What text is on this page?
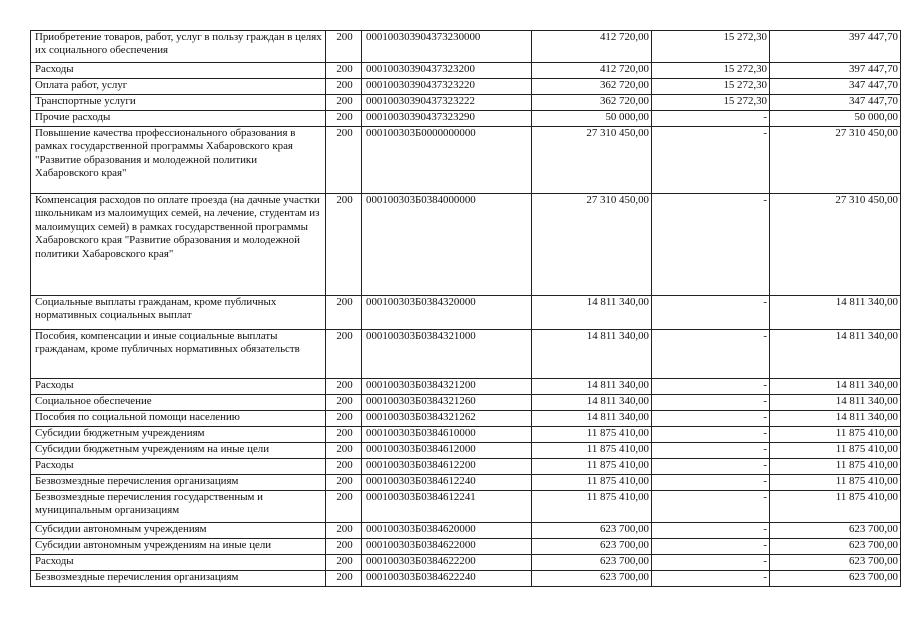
Приобретение товаров, работ, услуг в пользу граждан в целях их социального обеспечения	200	000100303904373230000	412 720,00	15 272,30	397 447,70
Расходы	200	00010030390437323200	412 720,00	15 272,30	397 447,70
Оплата работ, услуг	200	00010030390437323220	362 720,00	15 272,30	347 447,70
Транспортные услуги	200	00010030390437323222	362 720,00	15 272,30	347 447,70
Прочие расходы	200	00010030390437323290	50 000,00	-	50 000,00
Повышение качества профессионального образования в рамках государственной программы Хабаровского края "Развитие образования и молодежной политики Хабаровского края"	200	000100303Б0000000000	27 310 450,00	-	27 310 450,00
Компенсация расходов по оплате проезда (на дачные участки школьникам из малоимущих семей, на лечение, студентам из малоимущих семей) в рамках государственной программы Хабаровского края "Развитие образования и молодежной политики Хабаровского края"	200	000100303Б0384000000	27 310 450,00	-	27 310 450,00
Социальные выплаты гражданам, кроме публичных нормативных социальных выплат	200	000100303Б0384320000	14 811 340,00	-	14 811 340,00
Пособия, компенсации и иные социальные выплаты гражданам, кроме публичных нормативных обязательств	200	000100303Б0384321000	14 811 340,00	-	14 811 340,00
Расходы	200	000100303Б0384321200	14 811 340,00	-	14 811 340,00
Социальное обеспечение	200	000100303Б0384321260	14 811 340,00	-	14 811 340,00
Пособия по социальной помощи населению	200	000100303Б0384321262	14 811 340,00	-	14 811 340,00
Субсидии бюджетным учреждениям	200	000100303Б0384610000	11 875 410,00	-	11 875 410,00
Субсидии бюджетным учреждениям на иные цели	200	000100303Б0384612000	11 875 410,00	-	11 875 410,00
Расходы	200	000100303Б0384612200	11 875 410,00	-	11 875 410,00
Безвозмездные перечисления организациям	200	000100303Б0384612240	11 875 410,00	-	11 875 410,00
Безвозмездные перечисления государственным и муниципальным организациям	200	000100303Б0384612241	11 875 410,00	-	11 875 410,00
Субсидии автономным учреждениям	200	000100303Б0384620000	623 700,00	-	623 700,00
Субсидии автономным учреждениям на иные цели	200	000100303Б0384622000	623 700,00	-	623 700,00
Расходы	200	000100303Б0384622200	623 700,00	-	623 700,00
Безвозмездные перечисления организациям	200	000100303Б0384622240	623 700,00	-	623 700,00
